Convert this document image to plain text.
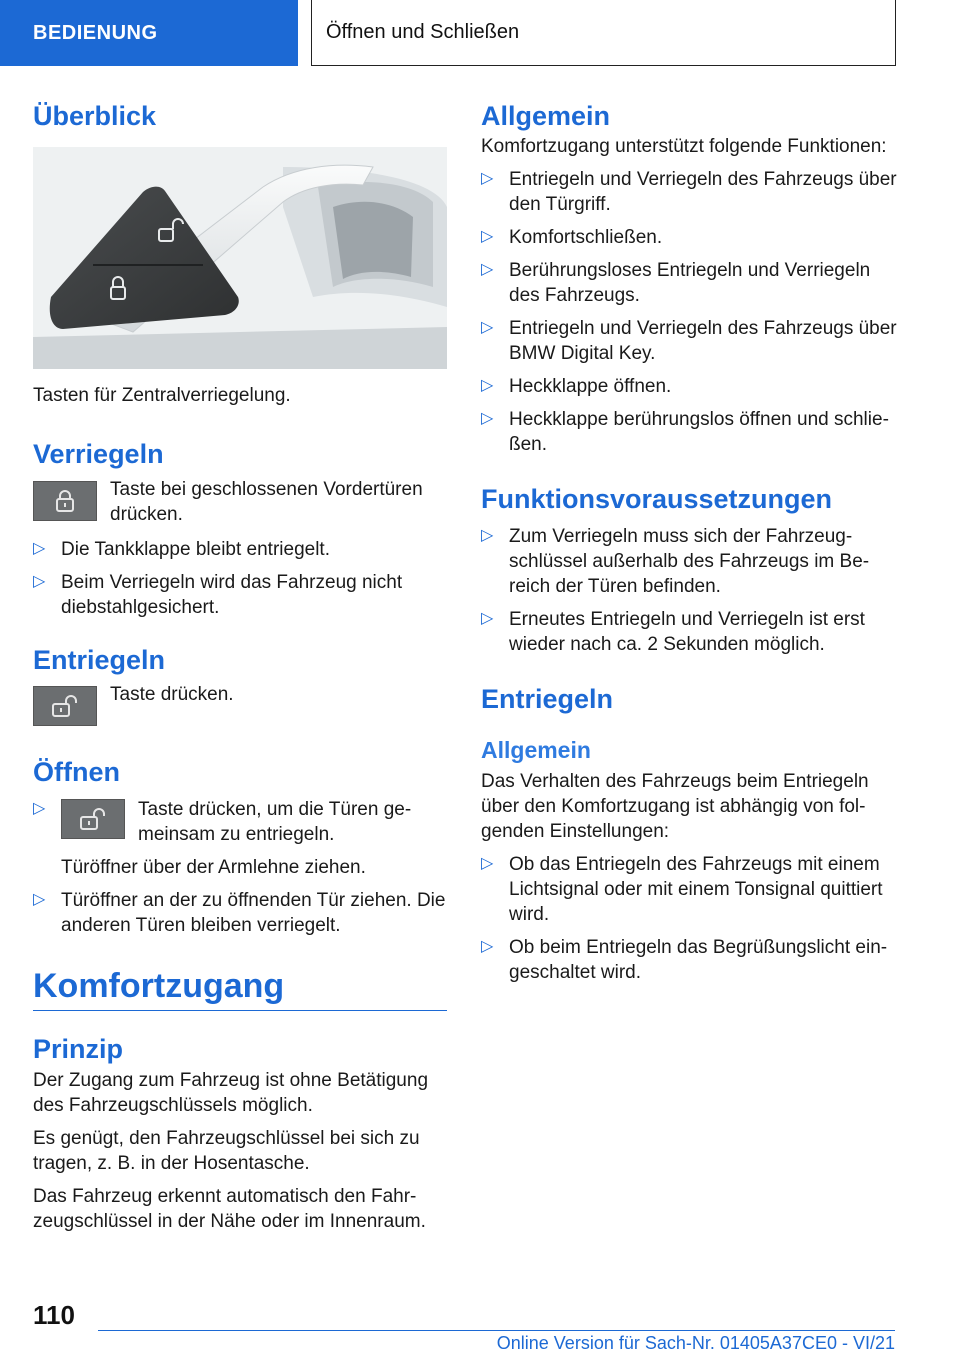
BEDIENUNG	Öffnen und Schließen
Überblick

Tasten für Zentralverriegelung.

Verriegeln

Taste bei geschlossenen Vordertüren drücken.

▷ Die Tankklappe bleibt entriegelt.
▷ Beim Verriegeln wird das Fahrzeug nicht diebstahlgesichert.
Entriegeln

Taste drücken.

Öffnen
▷	Taste drücken, um die Türen gemeinsam zu entriegeln.
Türöffner über der Armlehne ziehen.
▷ Türöffner an der zu öffnenden Tür ziehen. Die anderen Türen bleiben verriegelt.
Komfortzugang
Prinzip

Der Zugang zum Fahrzeug ist ohne Betätigung des Fahrzeugschlüssels möglich.

Es genügt, den Fahrzeugschlüssel bei sich zu tragen, z. B. in der Hosentasche.

Das Fahrzeug erkennt automatisch den Fahrzeugschlüssel in der Nähe oder im Innenraum.

Allgemein

Komfortzugang unterstützt folgende Funktionen:

▷ Entriegeln und Verriegeln des Fahrzeugs über den Türgriff.
▷ Komfortschließen.
▷ Berührungsloses Entriegeln und Verriegeln des Fahrzeugs.
▷ Entriegeln und Verriegeln des Fahrzeugs über BMW Digital Key.
▷ Heckklappe öffnen.
▷ Heckklappe berührungslos öffnen und schließen.
Funktionsvoraussetzungen
▷ Zum Verriegeln muss sich der Fahrzeugschlüssel außerhalb des Fahrzeugs im Bereich der Türen befinden.
▷ Erneutes Entriegeln und Verriegeln ist erst wieder nach ca. 2 Sekunden möglich.
Entriegeln
Allgemein

Das Verhalten des Fahrzeugs beim Entriegeln über den Komfortzugang ist abhängig von folgenden Einstellungen:

▷ Ob das Entriegeln des Fahrzeugs mit einem Lichtsignal oder mit einem Tonsignal quittiert wird.
▷ Ob beim Entriegeln das Begrüßungslicht eingeschaltet wird.
110
Online Version für Sach-Nr. 01405A37CE0 - VI/21
